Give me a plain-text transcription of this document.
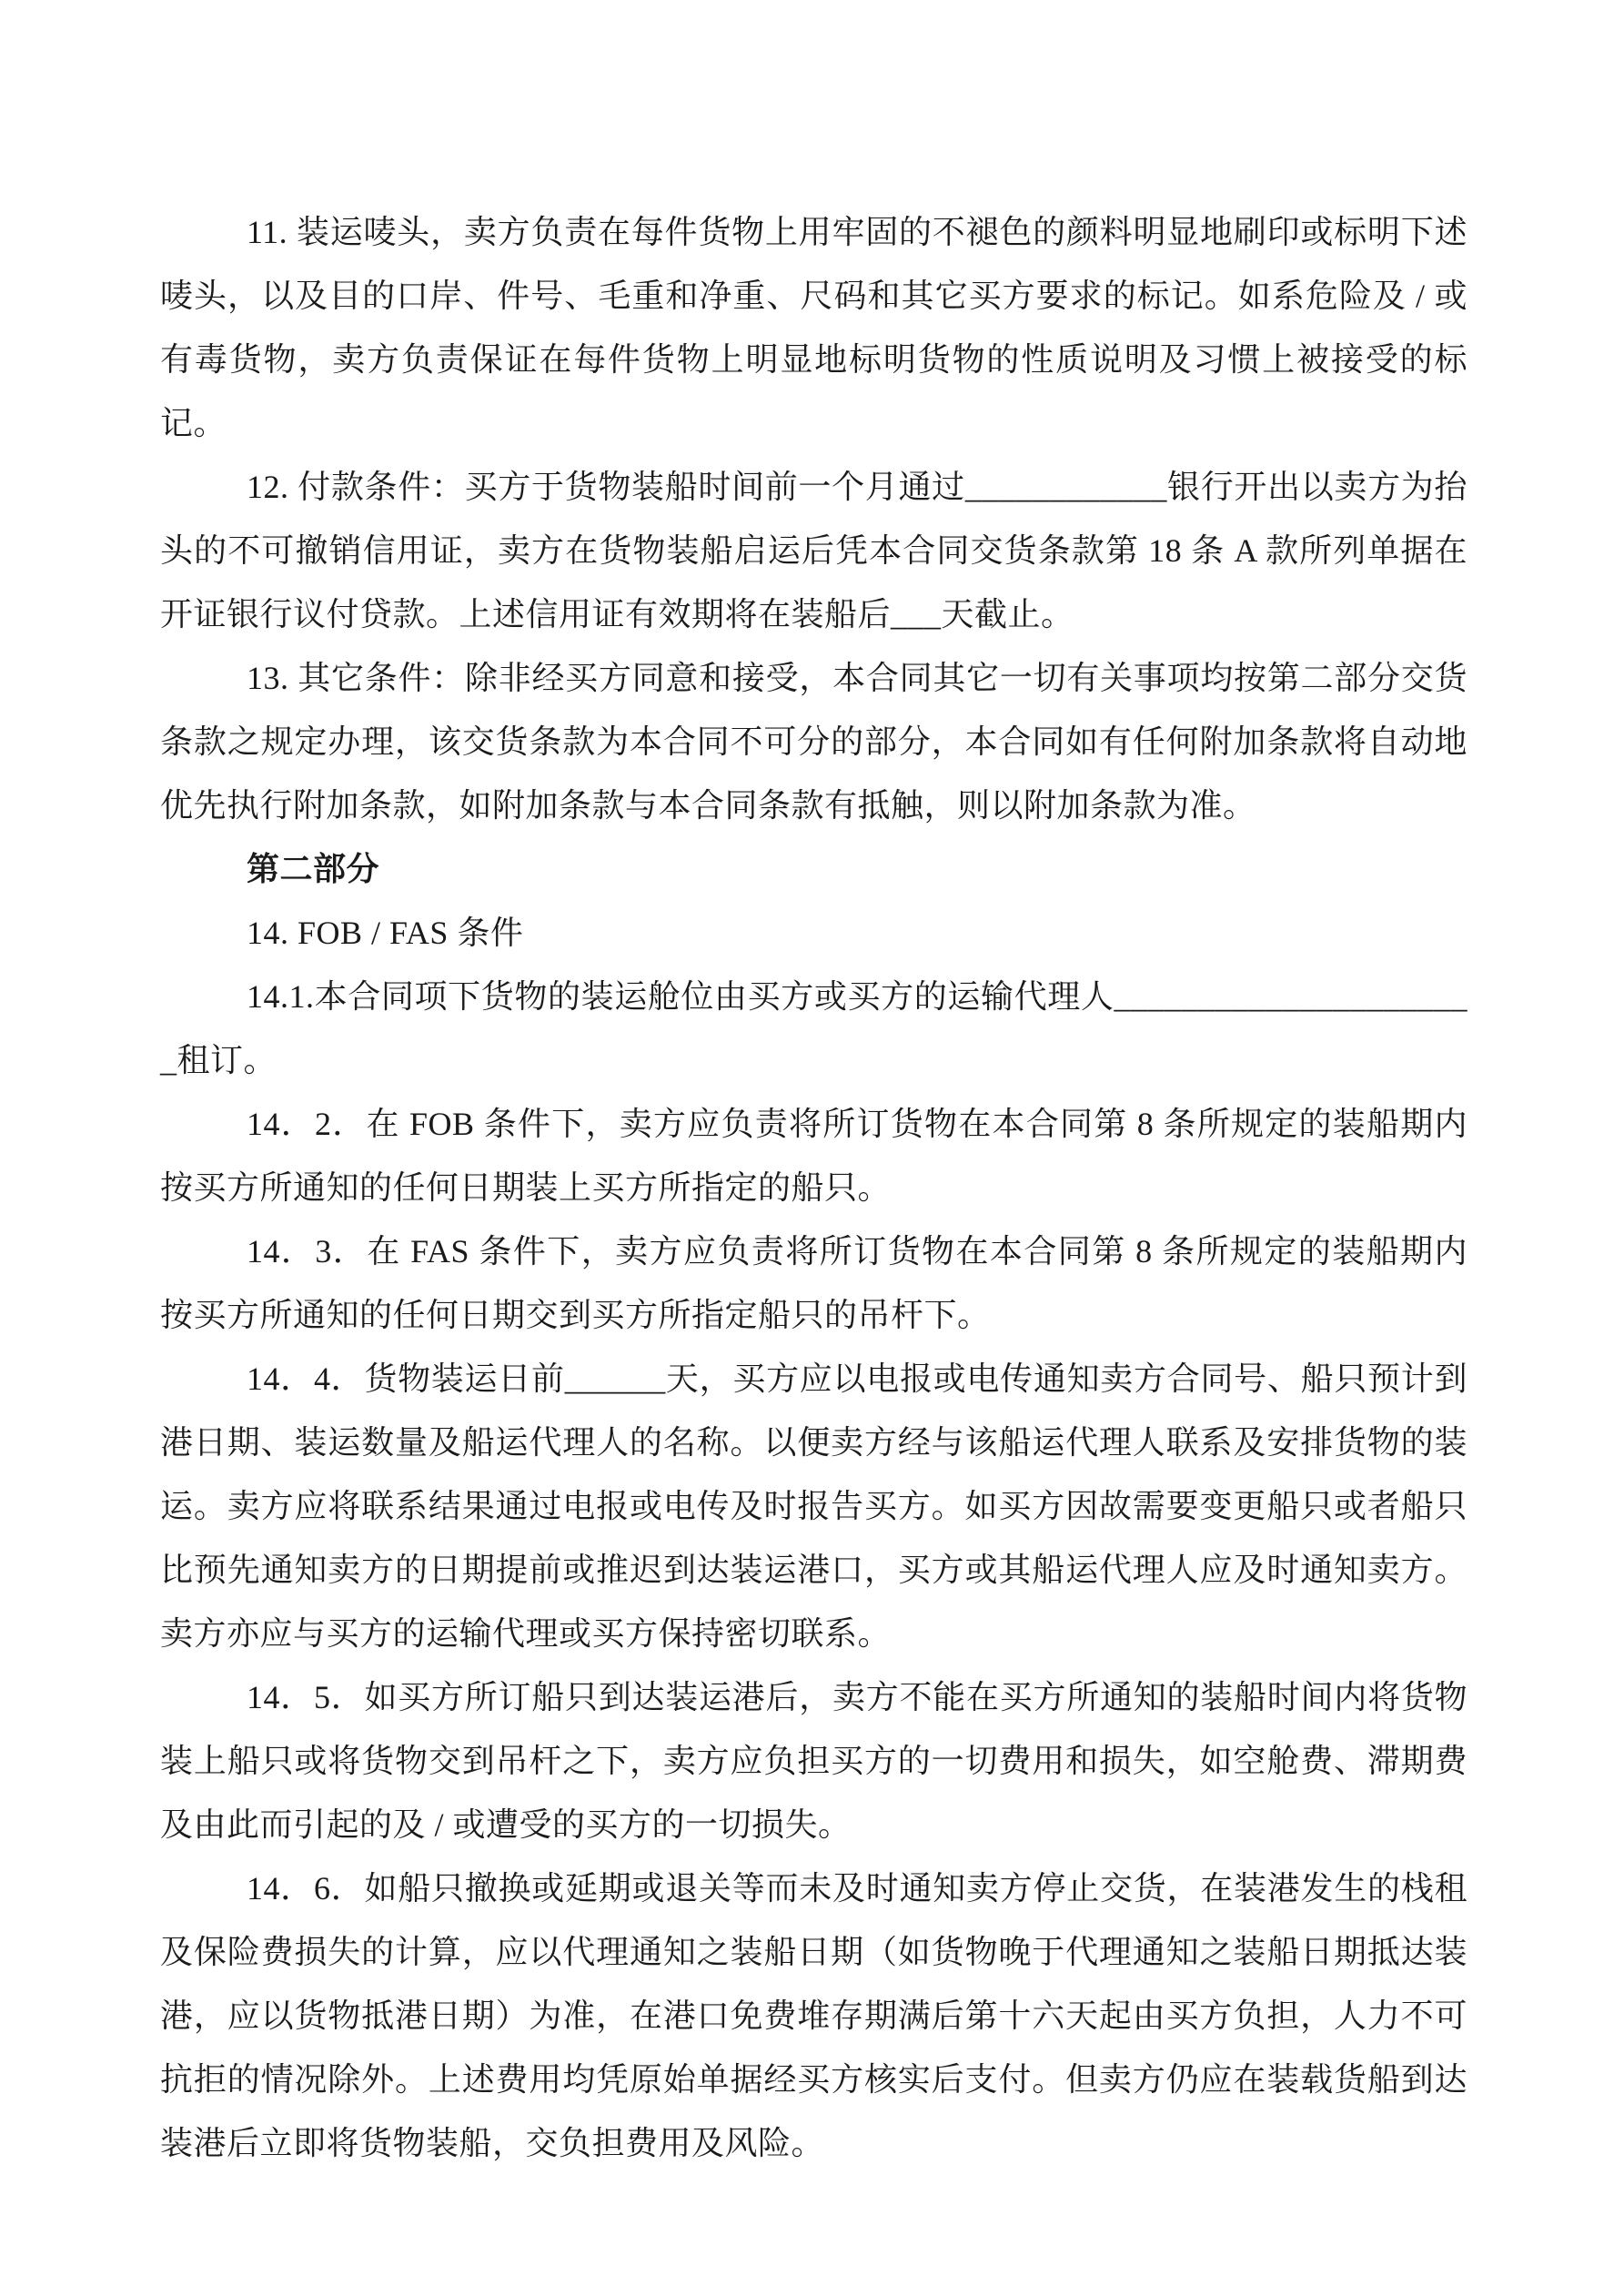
11. 装运唛头，卖方负责在每件货物上用牢固的不褪色的颜料明显地刷印或标明下述唛头，以及目的口岸、件号、毛重和净重、尺码和其它买方要求的标记。如系危险及 / 或有毒货物，卖方负责保证在每件货物上明显地标明货物的性质说明及习惯上被接受的标记。

12. 付款条件：买方于货物装船时间前一个月通过____________银行开出以卖方为抬头的不可撤销信用证，卖方在货物装船启运后凭本合同交货条款第 18 条 A 款所列单据在开证银行议付贷款。上述信用证有效期将在装船后___天截止。

13. 其它条件：除非经买方同意和接受，本合同其它一切有关事项均按第二部分交货条款之规定办理，该交货条款为本合同不可分的部分，本合同如有任何附加条款将自动地优先执行附加条款，如附加条款与本合同条款有抵触，则以附加条款为准。

第二部分

14. FOB / FAS 条件

14.1.本合同项下货物的装运舱位由买方或买方的运输代理人______________________租订。

14．2．在 FOB 条件下，卖方应负责将所订货物在本合同第 8 条所规定的装船期内按买方所通知的任何日期装上买方所指定的船只。

14．3．在 FAS 条件下，卖方应负责将所订货物在本合同第 8 条所规定的装船期内按买方所通知的任何日期交到买方所指定船只的吊杆下。

14．4．货物装运日前______天，买方应以电报或电传通知卖方合同号、船只预计到港日期、装运数量及船运代理人的名称。以便卖方经与该船运代理人联系及安排货物的装运。卖方应将联系结果通过电报或电传及时报告买方。如买方因故需要变更船只或者船只比预先通知卖方的日期提前或推迟到达装运港口，买方或其船运代理人应及时通知卖方。卖方亦应与买方的运输代理或买方保持密切联系。

14．5．如买方所订船只到达装运港后，卖方不能在买方所通知的装船时间内将货物装上船只或将货物交到吊杆之下，卖方应负担买方的一切费用和损失，如空舱费、滞期费及由此而引起的及 / 或遭受的买方的一切损失。

14．6．如船只撤换或延期或退关等而未及时通知卖方停止交货，在装港发生的栈租及保险费损失的计算，应以代理通知之装船日期（如货物晚于代理通知之装船日期抵达装港，应以货物抵港日期）为准，在港口免费堆存期满后第十六天起由买方负担，人力不可抗拒的情况除外。上述费用均凭原始单据经买方核实后支付。但卖方仍应在装载货船到达装港后立即将货物装船，交负担费用及风险。
